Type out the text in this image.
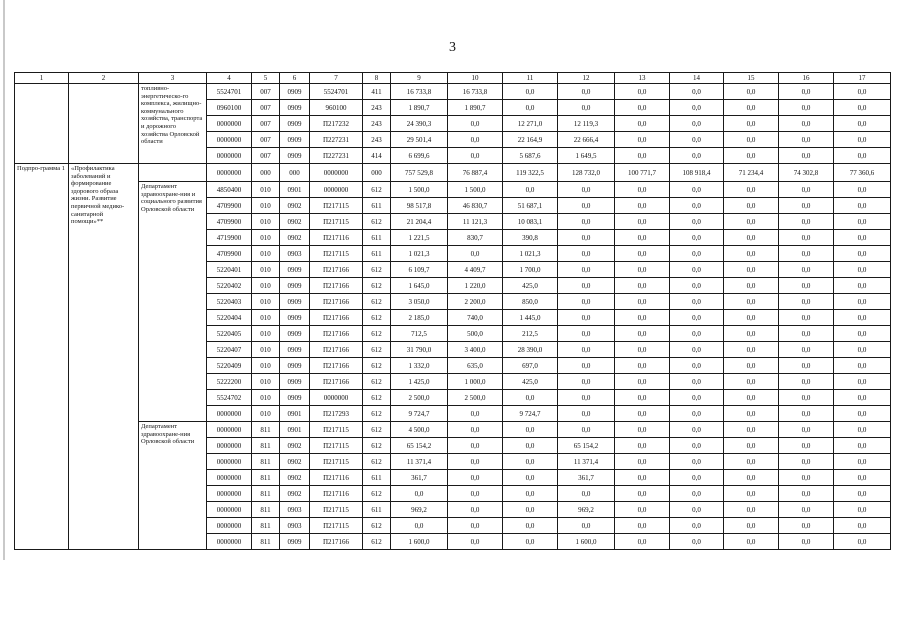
3
1	2	3	4	5	6	7	8	9	10	11	12	13	14	15	16	17
		топливно-энергетическо-го комплекса, жилищно-коммунального хозяйства, транспорта и дорожного хозяйства Орловской области	5524701	007	0909	5524701	411	16 733,8	16 733,8	0,0	0,0	0,0	0,0	0,0	0,0	0,0
			0960100	007	0909	960100	243	1 890,7	1 890,7	0,0	0,0	0,0	0,0	0,0	0,0	0,0
			0000000	007	0909	П217232	243	24 390,3	0,0	12 271,0	12 119,3	0,0	0,0	0,0	0,0	0,0
			0000000	007	0909	П227231	243	29 501,4	0,0	22 164,9	22 666,4	0,0	0,0	0,0	0,0	0,0
			0000000	007	0909	П227231	414	6 699,6	0,0	5 687,6	1 649,5	0,0	0,0	0,0	0,0	0,0
Подпро-грамма 1	«Профилактика заболеваний и формирование здорового образа жизни. Развитие первичной медико-санитарной помощи»**		0000000	000	000	0000000	000	757 529,8	76 887,4	119 322,5	128 732,0	100 771,7	108 918,4	71 234,4	74 302,8	77 360,6
		Департамент здравоохране-ния и социального развития Орловской области	4850400	010	0901	0000000	612	1 500,0	1 500,0	0,0	0,0	0,0	0,0	0,0	0,0	0,0
			4709900	010	0902	П217115	611	98 517,8	46 830,7	51 687,1	0,0	0,0	0,0	0,0	0,0	0,0
			4709900	010	0902	П217115	612	21 204,4	11 121,3	10 083,1	0,0	0,0	0,0	0,0	0,0	0,0
			4719900	010	0902	П217116	611	1 221,5	830,7	390,8	0,0	0,0	0,0	0,0	0,0	0,0
			4709900	010	0903	П217115	611	1 021,3	0,0	1 021,3	0,0	0,0	0,0	0,0	0,0	0,0
			5220401	010	0909	П217166	612	6 109,7	4 409,7	1 700,0	0,0	0,0	0,0	0,0	0,0	0,0
			5220402	010	0909	П217166	612	1 645,0	1 220,0	425,0	0,0	0,0	0,0	0,0	0,0	0,0
			5220403	010	0909	П217166	612	3 050,0	2 200,0	850,0	0,0	0,0	0,0	0,0	0,0	0,0
			5220404	010	0909	П217166	612	2 185,0	740,0	1 445,0	0,0	0,0	0,0	0,0	0,0	0,0
			5220405	010	0909	П217166	612	712,5	500,0	212,5	0,0	0,0	0,0	0,0	0,0	0,0
			5220407	010	0909	П217166	612	31 790,0	3 400,0	28 390,0	0,0	0,0	0,0	0,0	0,0	0,0
			5220409	010	0909	П217166	612	1 332,0	635,0	697,0	0,0	0,0	0,0	0,0	0,0	0,0
			5222200	010	0909	П217166	612	1 425,0	1 000,0	425,0	0,0	0,0	0,0	0,0	0,0	0,0
			5524702	010	0909	0000000	612	2 500,0	2 500,0	0,0	0,0	0,0	0,0	0,0	0,0	0,0
			0000000	010	0901	П217293	612	9 724,7	0,0	9 724,7	0,0	0,0	0,0	0,0	0,0	0,0
		Департамент здравоохране-ния Орловской области	0000000	811	0901	П217115	612	4 500,0	0,0	0,0	0,0	0,0	0,0	0,0	0,0	0,0
			0000000	811	0902	П217115	612	65 154,2	0,0	0,0	65 154,2	0,0	0,0	0,0	0,0	0,0
			0000000	811	0902	П217115	612	11 371,4	0,0	0,0	11 371,4	0,0	0,0	0,0	0,0	0,0
			0000000	811	0902	П217116	611	361,7	0,0	0,0	361,7	0,0	0,0	0,0	0,0	0,0
			0000000	811	0902	П217116	612	0,0	0,0	0,0	0,0	0,0	0,0	0,0	0,0	0,0
			0000000	811	0903	П217115	611	969,2	0,0	0,0	969,2	0,0	0,0	0,0	0,0	0,0
			0000000	811	0903	П217115	612	0,0	0,0	0,0	0,0	0,0	0,0	0,0	0,0	0,0
			0000000	811	0909	П217166	612	1 600,0	0,0	0,0	1 600,0	0,0	0,0	0,0	0,0	0,0
